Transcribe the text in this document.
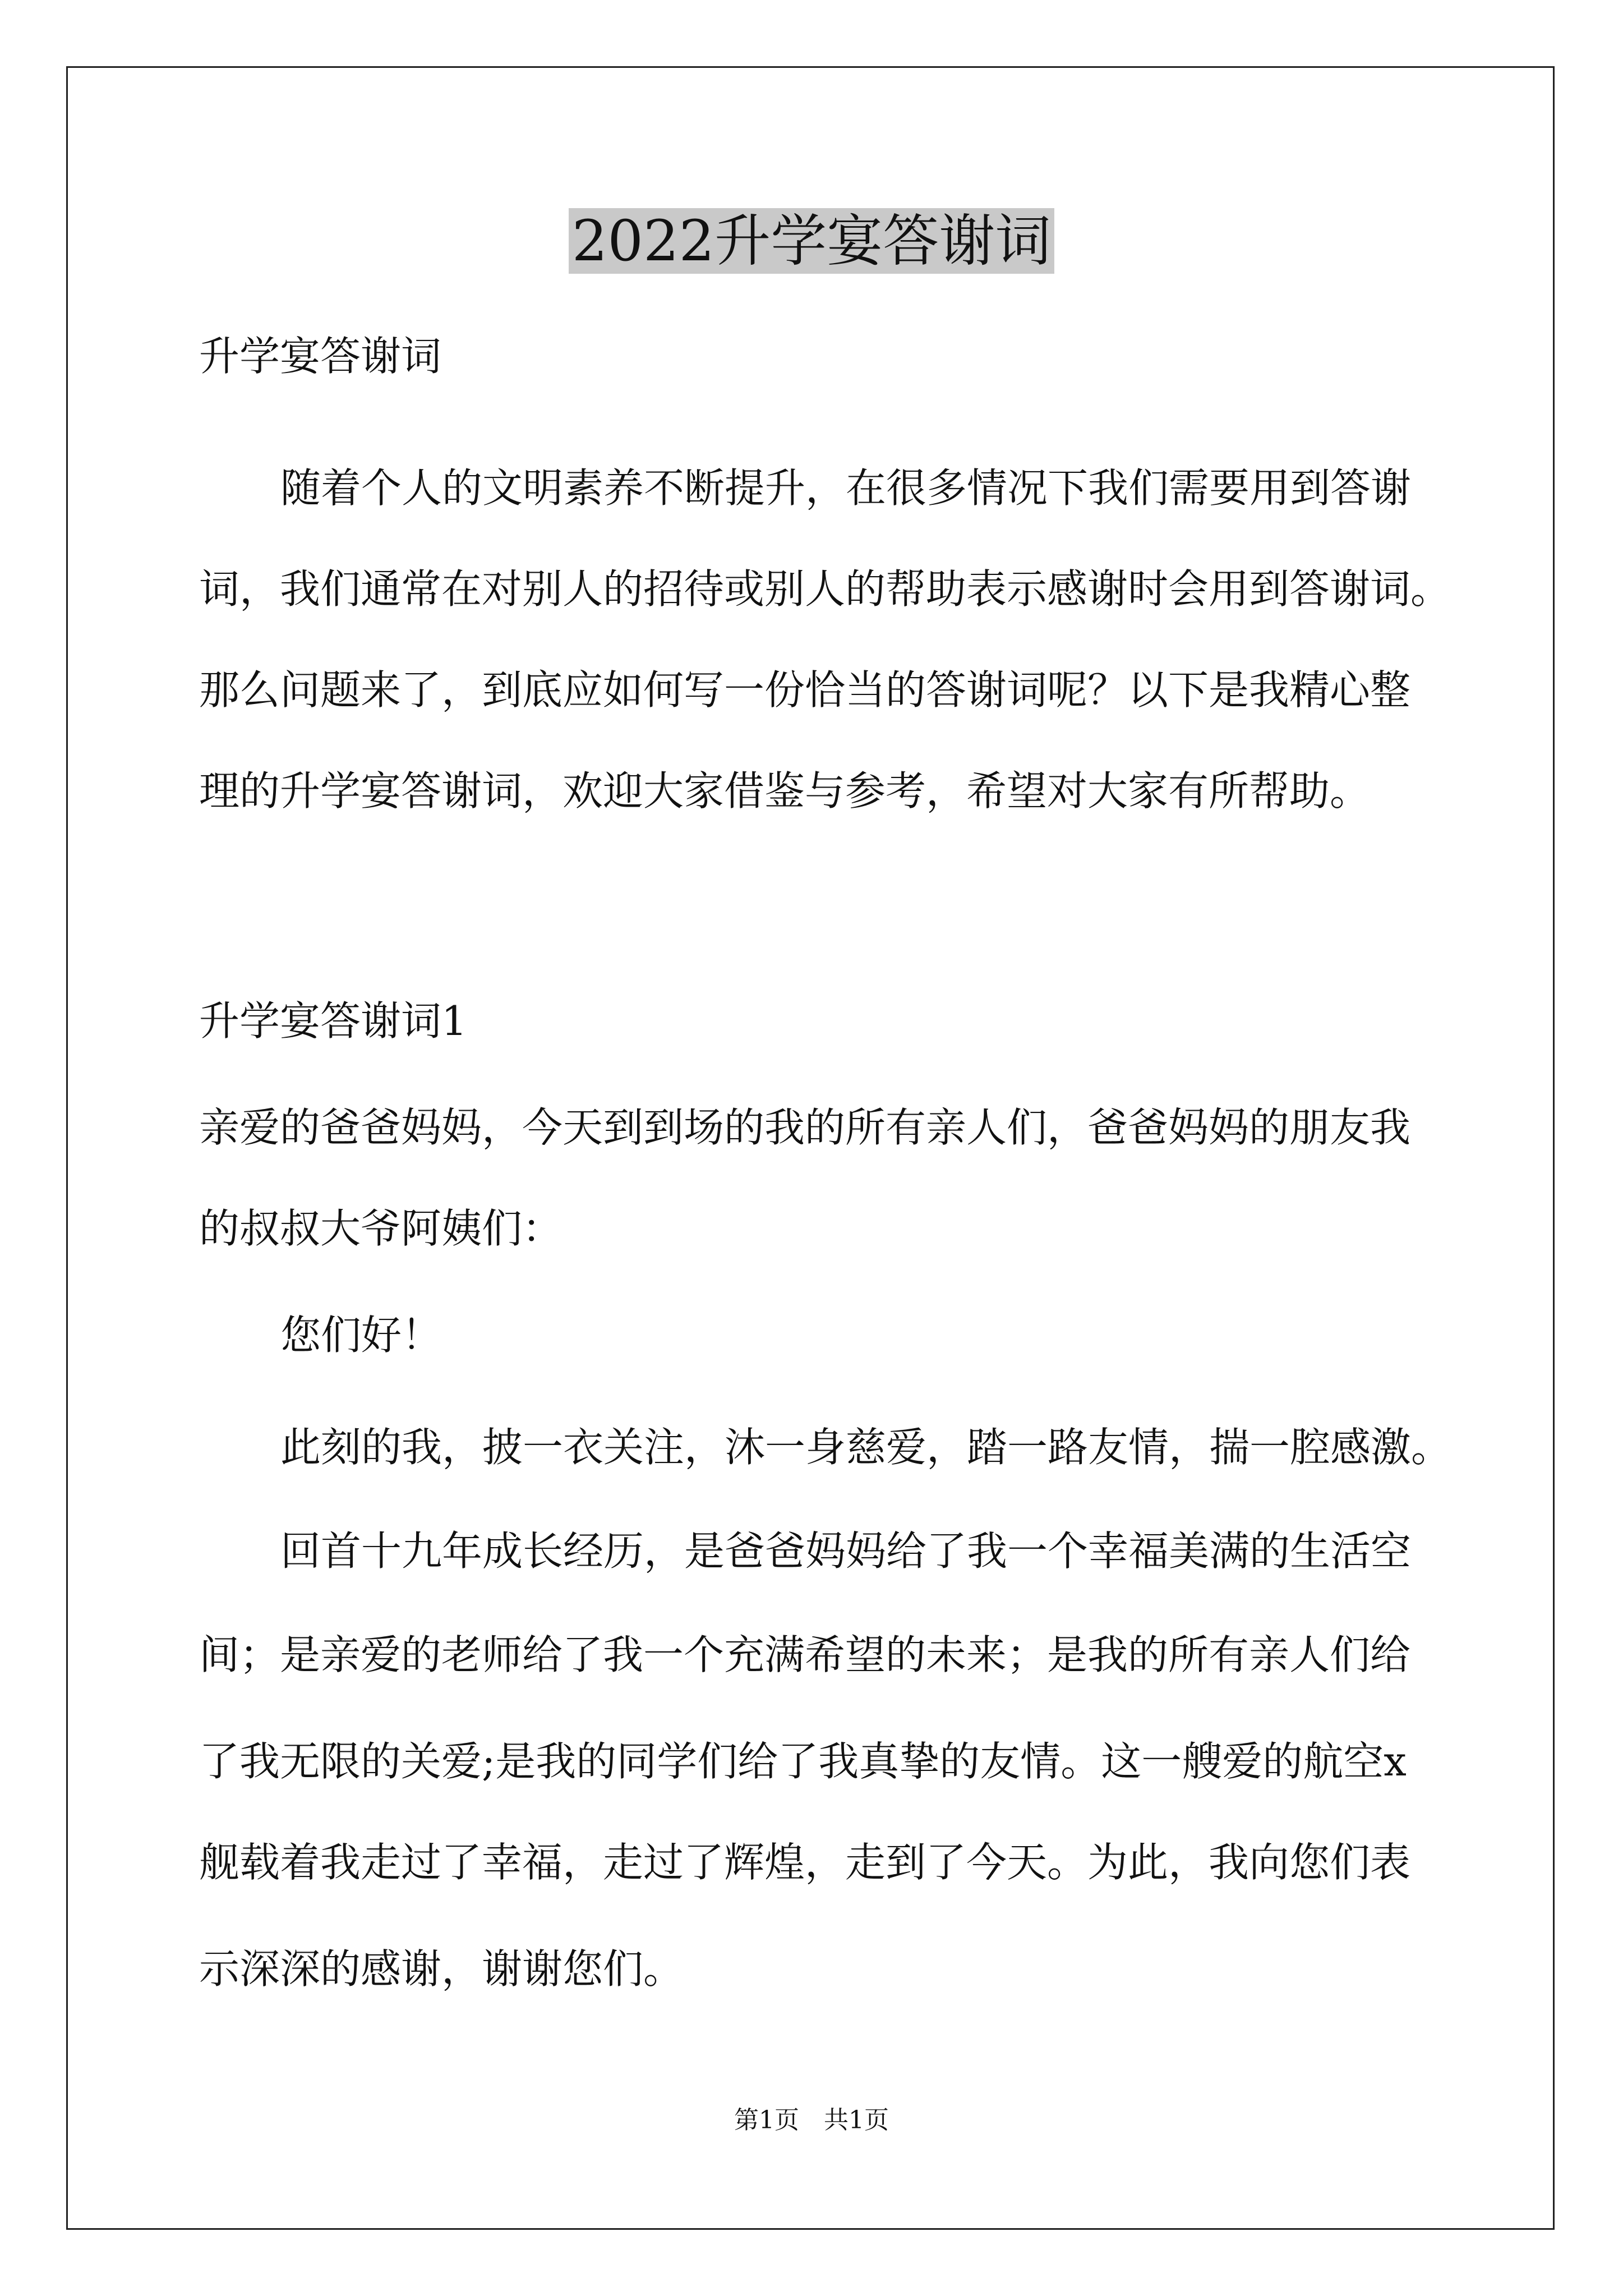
2022升学宴答谢词
升学宴答谢词
随着个人的文明素养不断提升，在很多情况下我们需要用到答谢
词，我们通常在对别人的招待或别人的帮助表示感谢时会用到答谢词。
那么问题来了，到底应如何写一份恰当的答谢词呢？以下是我精心整
理的升学宴答谢词，欢迎大家借鉴与参考，希望对大家有所帮助。
升学宴答谢词1
亲爱的爸爸妈妈，今天到到场的我的所有亲人们，爸爸妈妈的朋友我
的叔叔大爷阿姨们：
您们好！
此刻的我，披一衣关注，沐一身慈爱，踏一路友情，揣一腔感激。
回首十九年成长经历，是爸爸妈妈给了我一个幸福美满的生活空
间；是亲爱的老师给了我一个充满希望的未来；是我的所有亲人们给
了我无限的关爱;是我的同学们给了我真挚的友情。这一艘爱的航空x
舰载着我走过了幸福，走过了辉煌，走到了今天。为此，我向您们表
示深深的感谢，谢谢您们。
第1页　共1页
